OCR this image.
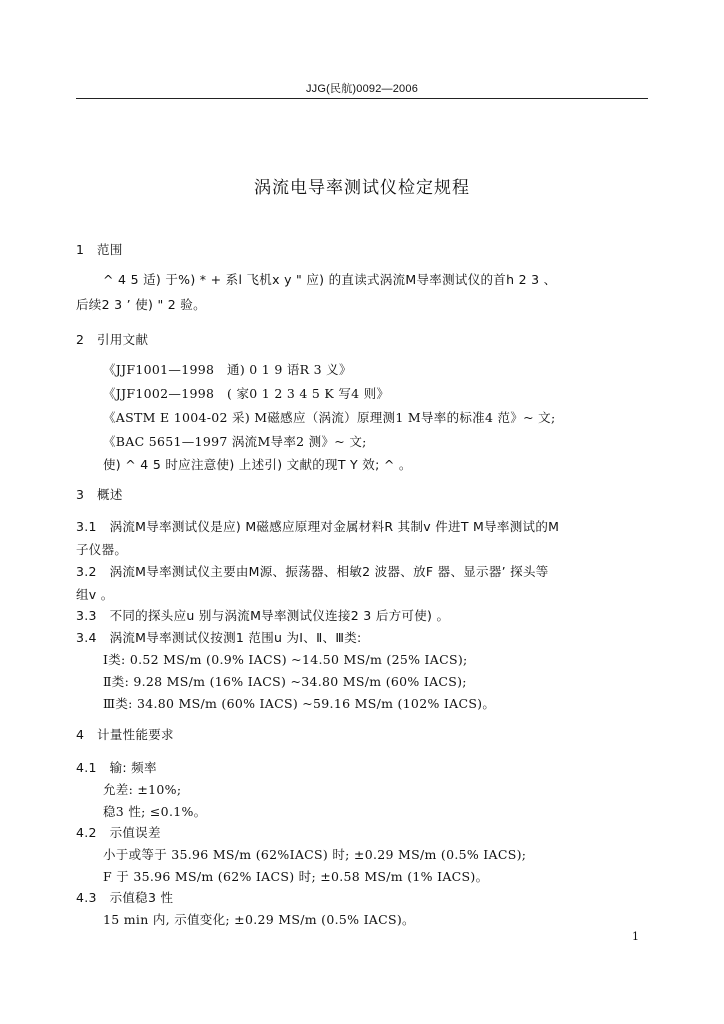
JJG(民航)0092—2006
涡流电导率测试仪检定规程
1　范围
^ 4 5 适) 于%) * + 系l 飞机x y " 应) 的直读式涡流M导率测试仪的首h 2 3 、
后续2 3 ’ 使) " 2 验。
2　引用文献
《JJF1001—1998　通) 0 1 9 语R 3 义》
《JJF1002—1998　( 家0 1 2 3 4 5 K 写4 则》
《ASTM E 1004-02 采) M磁感应（涡流）原理测1 M导率的标准4 范》~ 文;
《BAC 5651—1997 涡流M导率2 测》~ 文;
使) ^ 4 5 时应注意使) 上述引) 文献的现T Y 效; ^ 。
3　概述
3.1　涡流M导率测试仪是应) M磁感应原理对金属材料R 其制v 件进T M导率测试的M
子仪器。
3.2　涡流M导率测试仪主要由M源、振荡器、相敏2 波器、放F 器、显示器’ 探头等
组v 。
3.3　不同的探头应u 别与涡流M导率测试仪连接2 3 后方可使) 。
3.4　涡流M导率测试仪按测1 范围u 为Ⅰ、Ⅱ、Ⅲ类:
Ⅰ类: 0.52 MS/m (0.9% IACS) ~14.50 MS/m (25% IACS);
Ⅱ类: 9.28 MS/m (16% IACS) ~34.80 MS/m (60% IACS);
Ⅲ类: 34.80 MS/m (60% IACS) ~59.16 MS/m (102% IACS)。
4　计量性能要求
4.1　输: 频率
允差: ±10%;
稳3 性; ≤0.1%。
4.2　示值误差
小于或等于 35.96 MS/m (62%IACS) 时; ±0.29 MS/m (0.5% IACS);
F 于 35.96 MS/m (62% IACS) 时; ±0.58 MS/m (1% IACS)。
4.3　示值稳3 性
15 min 内, 示值变化; ±0.29 MS/m (0.5% IACS)。
1
